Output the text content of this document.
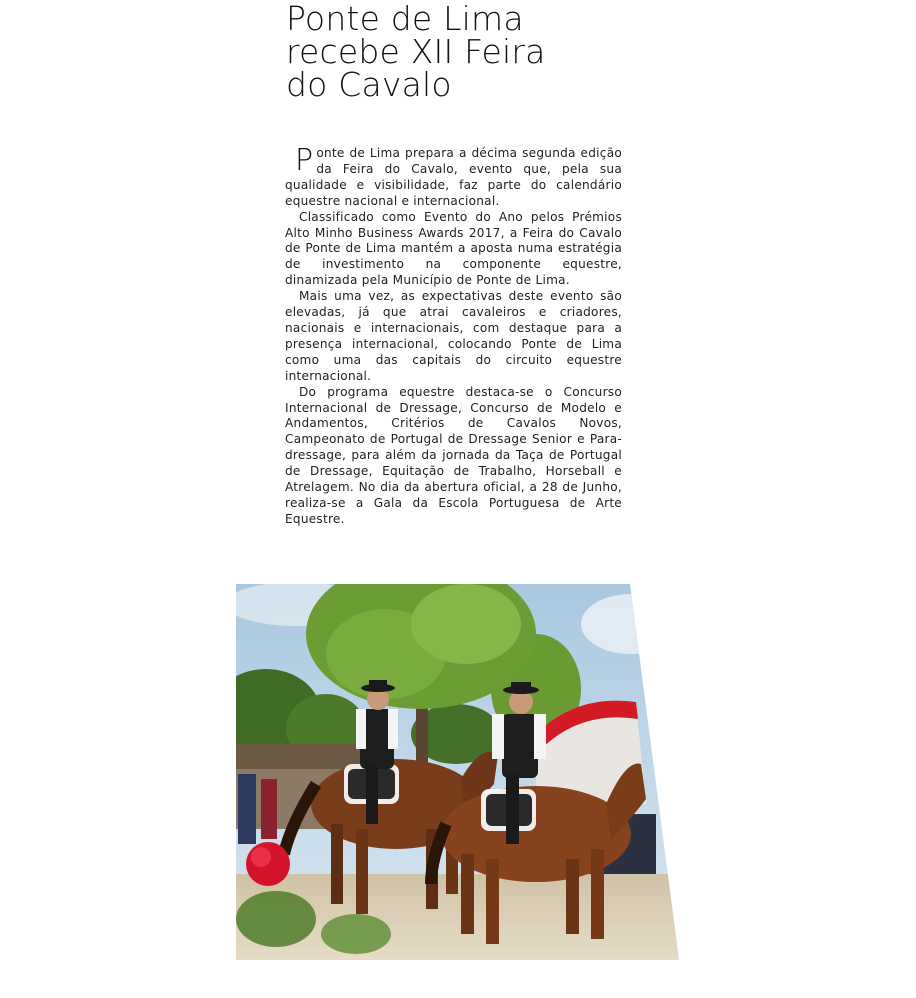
Ponte de Lima
recebe XII Feira
do Cavalo

Ponte de Lima prepara a décima segunda edição da Feira do Cavalo, evento que, pela sua qualidade e visibilidade, faz parte do calendário equestre nacional e internacional.

Classificado como Evento do Ano pelos Prémios Alto Minho Business Awards 2017, a Feira do Cavalo de Ponte de Lima mantém a aposta numa estratégia de investimento na componente equestre, dinamizada pela Município de Ponte de Lima.

Mais uma vez, as expectativas deste evento são elevadas, já que atrai cavaleiros e criadores, nacionais e internacionais, com destaque para a presença internacional, colocando Ponte de Lima como uma das capitais do circuito equestre internacional.

Do programa equestre destaca-se o Concurso Internacional de Dressage, Concurso de Modelo e Andamentos, Critérios de Cavalos Novos, Campeonato de Portugal de Dressage Senior e Para-dressage, para além da jornada da Taça de Portugal de Dressage, Equitação de Trabalho, Horseball e Atrelagem. No dia da abertura oficial, a 28 de Junho, realiza-se a Gala da Escola Portuguesa de Arte Equestre.
